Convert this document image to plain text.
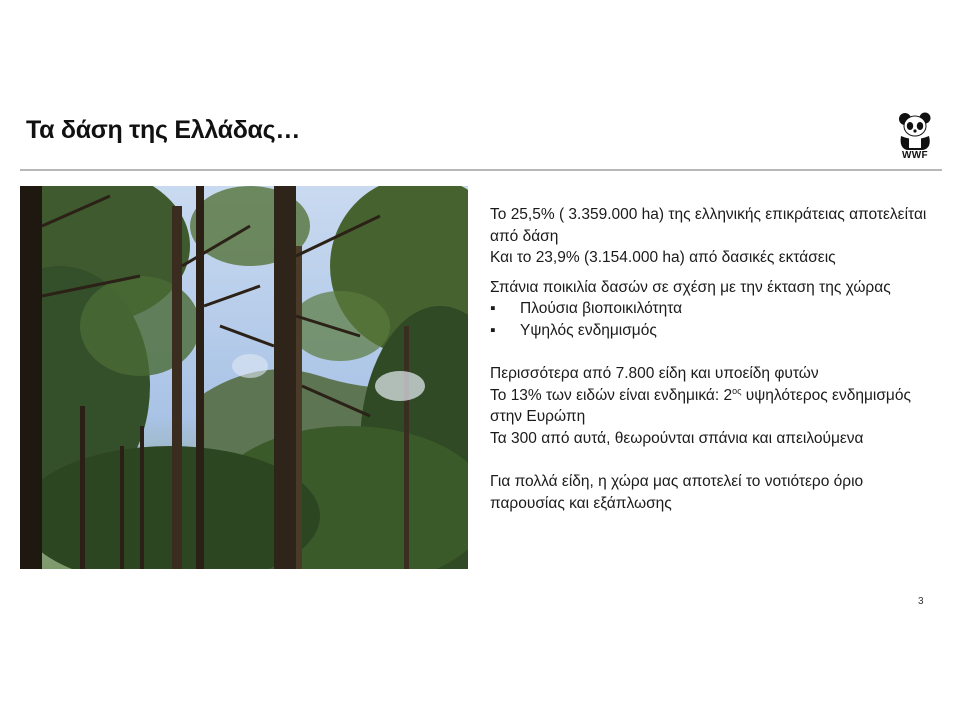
Τα δάση της Ελλάδας…
WWF

Το 25,5% ( 3.359.000 ha) της ελληνικής επικράτειας αποτελείται από δάση

Και το 23,9% (3.154.000 ha) από δασικές εκτάσεις

Σπάνια ποικιλία δασών σε σχέση με την έκταση της χώρας

▪	Πλούσια βιοποικιλότητα
▪	Υψηλός ενδημισμός

Περισσότερα από 7.800 είδη και υποείδη φυτών

Το 13% των ειδών είναι ενδημικά: $2^{o\varsigma}$ υψηλότερος ενδημισμός στην Ευρώπη

Τα 300 από αυτά, θεωρούνται σπάνια και απειλούμενα

Για πολλά είδη, η χώρα μας αποτελεί το νοτιότερο όριο παρουσίας και εξάπλωσης

3
